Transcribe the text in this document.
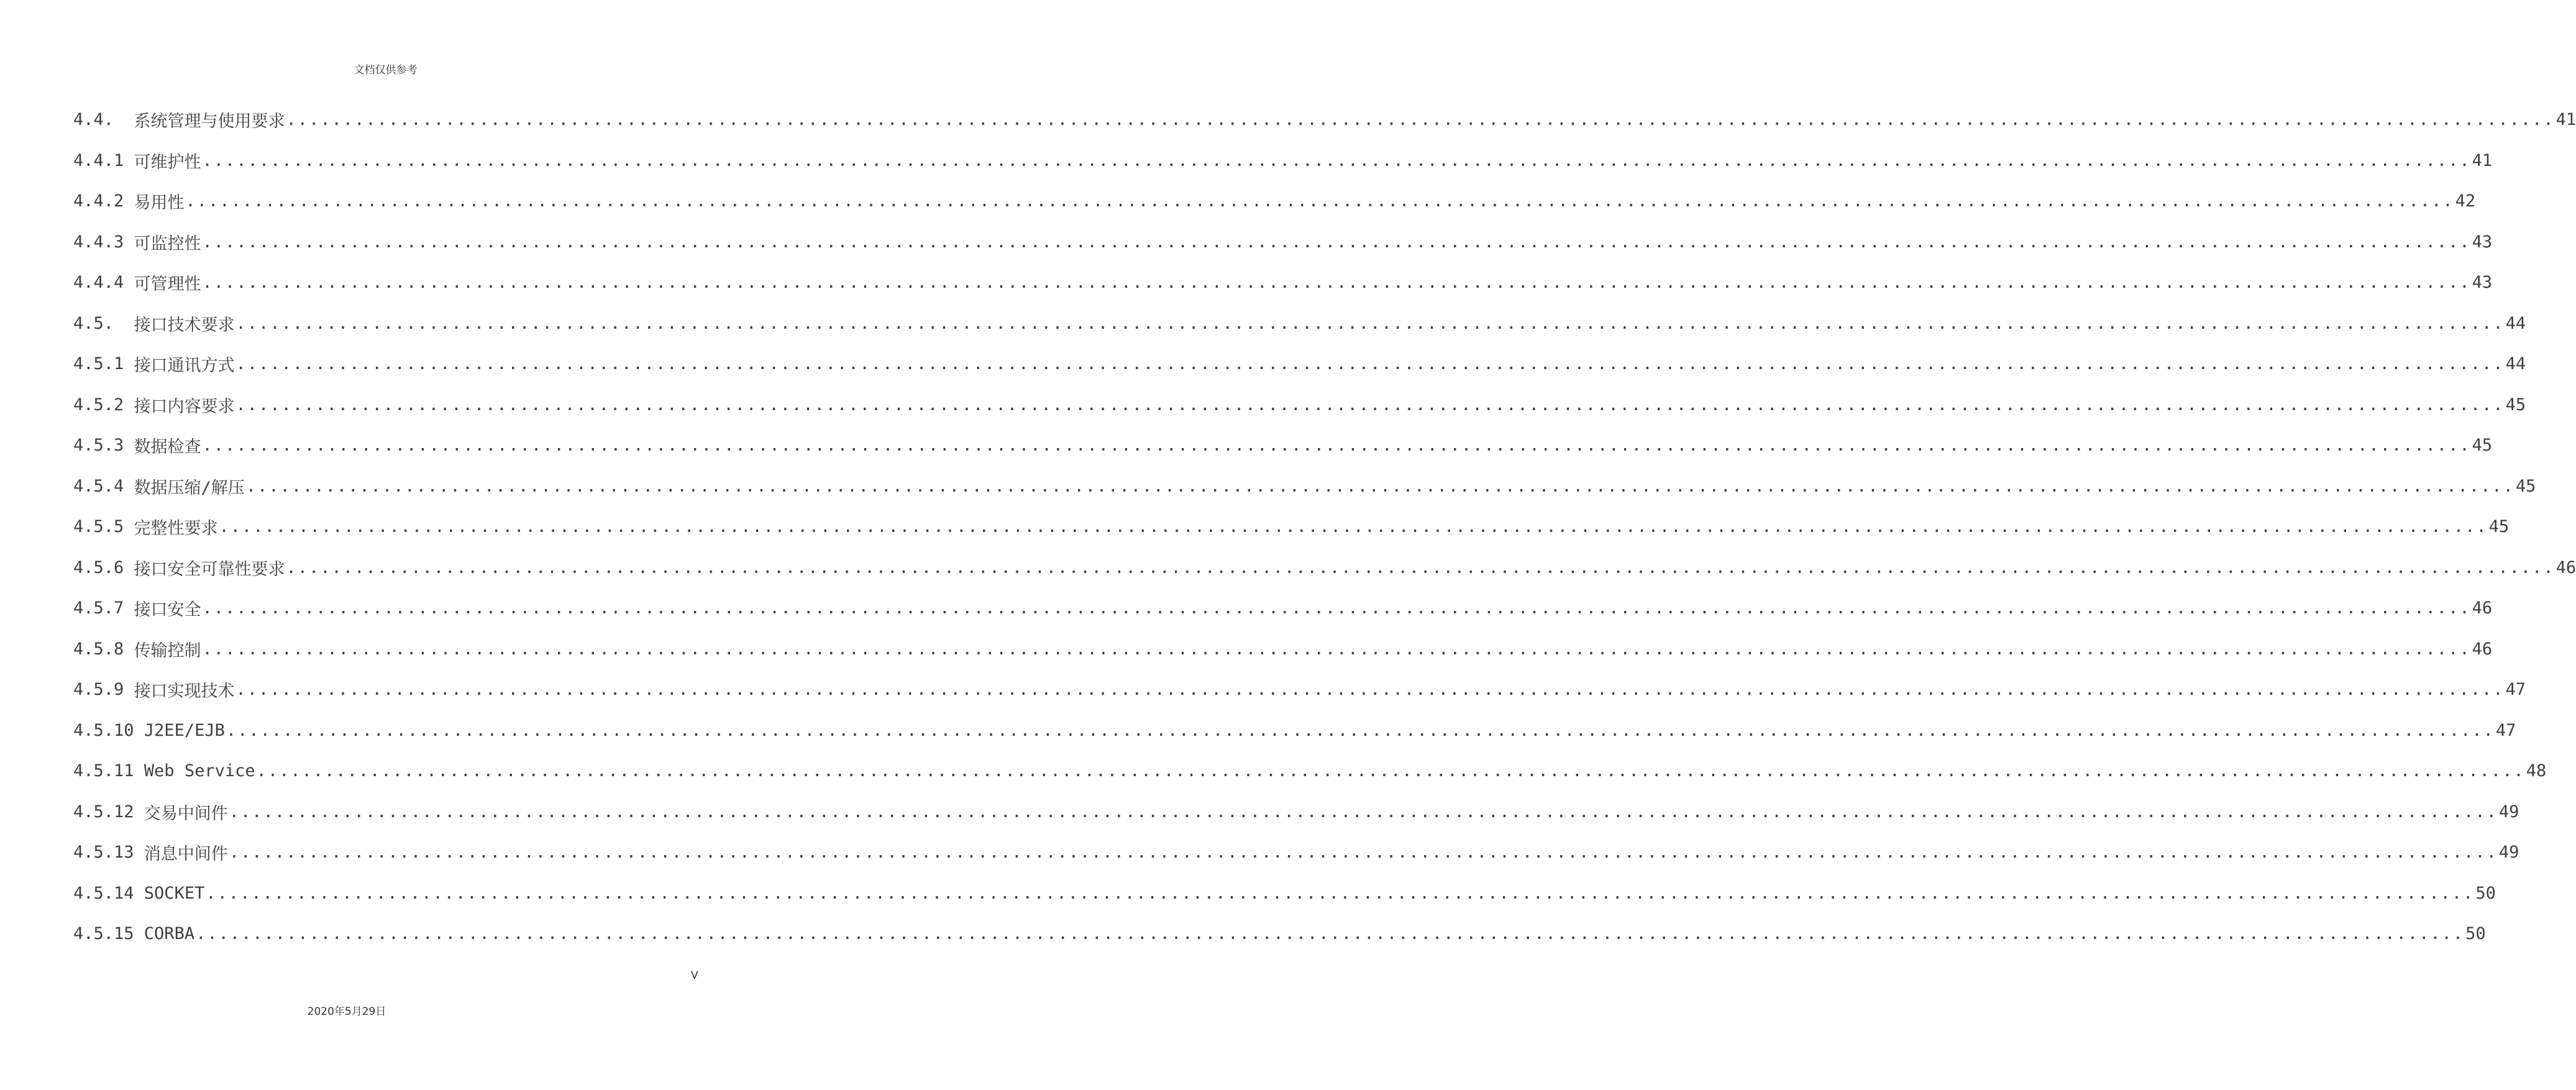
文档仅供参考
4.4. 系统管理与使用要求 ........................................................................................................................................................................................................ 41
4.4.1 可维护性 ........................................................................................................................................................................................................ 41
4.4.2 易用性 ........................................................................................................................................................................................................ 42
4.4.3 可监控性 ........................................................................................................................................................................................................ 43
4.4.4 可管理性 ........................................................................................................................................................................................................ 43
4.5. 接口技术要求 ........................................................................................................................................................................................................ 44
4.5.1 接口通讯方式 ........................................................................................................................................................................................................ 44
4.5.2 接口内容要求 ........................................................................................................................................................................................................ 45
4.5.3 数据检查 ........................................................................................................................................................................................................ 45
4.5.4 数据压缩/解压 ........................................................................................................................................................................................................ 45
4.5.5 完整性要求 ........................................................................................................................................................................................................ 45
4.5.6 接口安全可靠性要求 ........................................................................................................................................................................................................ 46
4.5.7 接口安全 ........................................................................................................................................................................................................ 46
4.5.8 传输控制 ........................................................................................................................................................................................................ 46
4.5.9 接口实现技术 ........................................................................................................................................................................................................ 47
4.5.10 J2EE/EJB ........................................................................................................................................................................................................ 47
4.5.11 Web Service ........................................................................................................................................................................................................ 48
4.5.12 交易中间件 ........................................................................................................................................................................................................ 49
4.5.13 消息中间件 ........................................................................................................................................................................................................ 49
4.5.14 SOCKET ........................................................................................................................................................................................................ 50
4.5.15 CORBA ........................................................................................................................................................................................................ 50
V
2020年5月29日
